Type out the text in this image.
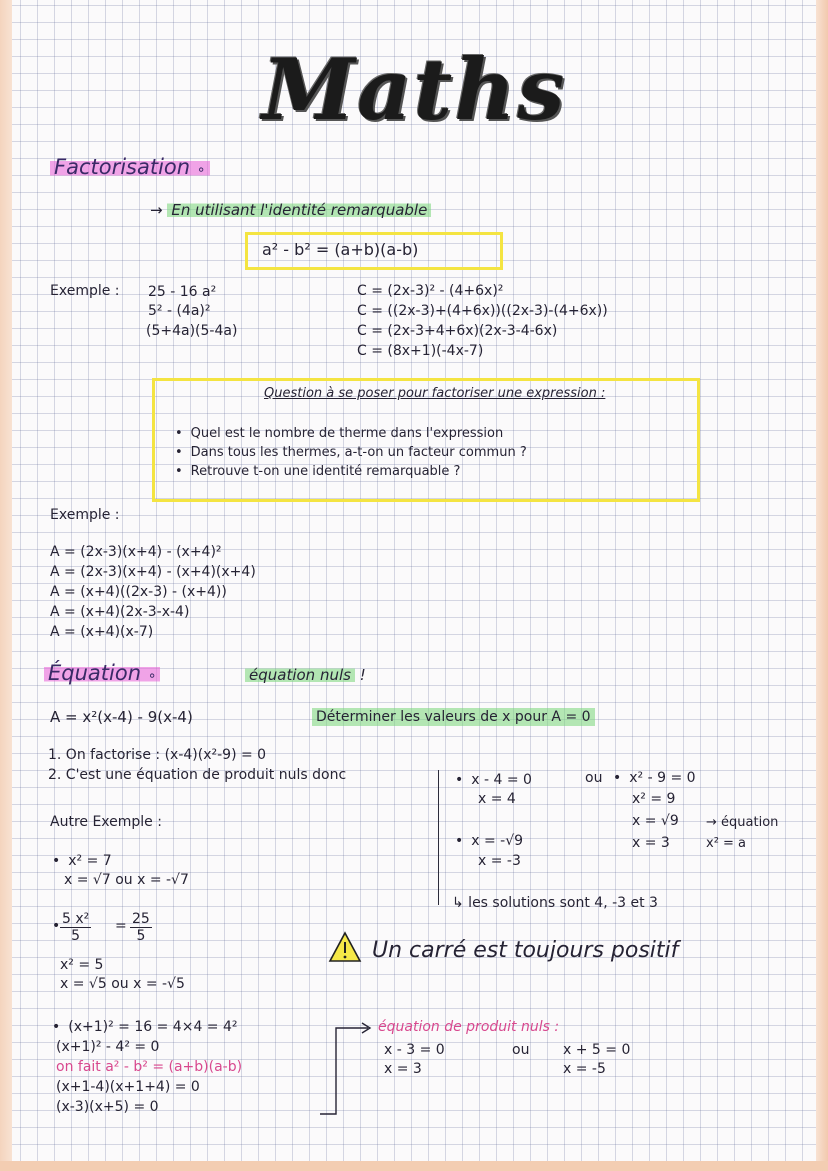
Maths
Factorisation ∘
→ En utilisant l'identité remarquable
a² - b² = (a+b)(a-b)
Exemple : 25 - 16 a²
5² - (4a)²
(5+4a)(5-4a)
C = (2x-3)² - (4+6x)²
C = ((2x-3)+(4+6x))((2x-3)-(4+6x))
C = (2x-3+4+6x)(2x-3-4-6x)
C = (8x+1)(-4x-7)
Question à se poser pour factoriser une expression :
• Quel est le nombre de therme dans l'expression
• Dans tous les thermes, a-t-on un facteur commun ?
• Retrouve t-on une identité remarquable ?
Exemple :
A = (2x-3)(x+4) - (x+4)²
A = (2x-3)(x+4) - (x+4)(x+4)
A = (x+4)((2x-3) - (x+4))
A = (x+4)(2x-3-x-4)
A = (x+4)(x-7)
Équation ∘	équation nuls !
A = x²(x-4) - 9(x-4)	Déterminer les valeurs de x pour A = 0
1. On factorise : (x-4)(x²-9) = 0
2. C'est une équation de produit nuls donc	• x - 4 = 0
x = 4
ou	• x² - 9 = 0
x² = 9
x = √9
x = 3
→ équation
x² = a
• x = -√9
x = -3
↳ les solutions sont 4, -3 et 3
Autre Exemple :
• x² = 7
x = √7 ou x = -√7
• $\frac{\text{5 x²}}{5} = \frac{25}{5}$
x² = 5
x = √5 ou x = -√5
Un carré est toujours positif
• (x+1)² = 16 = 4×4 = 4²
(x+1)² - 4² = 0
on fait a² - b² = (a+b)(a-b)
(x+1-4)(x+1+4) = 0
(x-3)(x+5) = 0
équation de produit nuls :
x - 3 = 0
x = 3
ou x + 5 = 0
x = -5
